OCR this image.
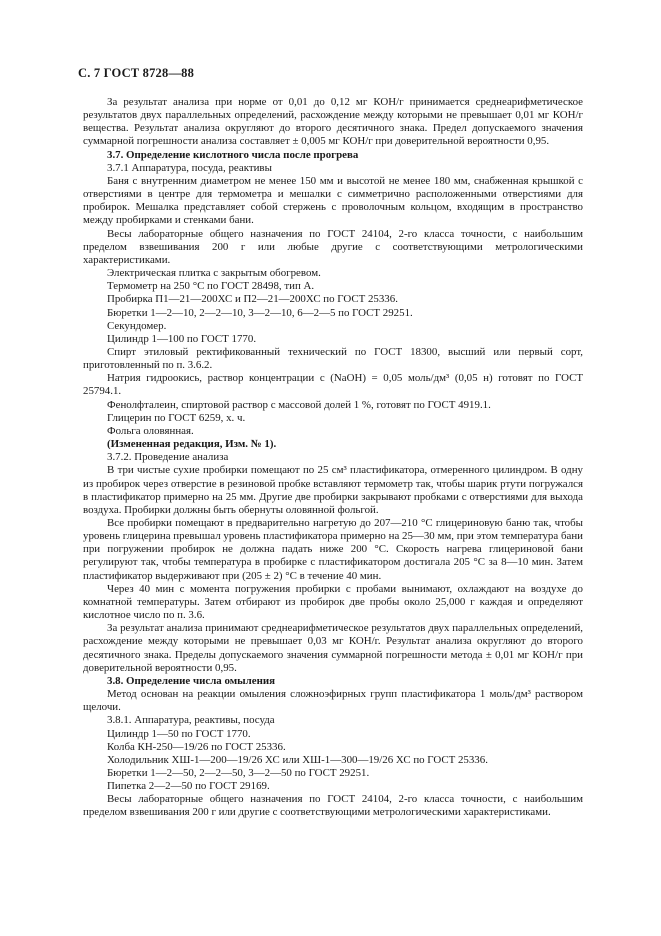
С. 7 ГОСТ 8728—88

За результат анализа при норме от 0,01 до 0,12 мг КОН/г принимается среднеарифметическое результатов двух параллельных определений, расхождение между которыми не превышает 0,01 мг КОН/г вещества. Результат анализа округляют до второго десятичного знака. Предел допускаемого значения суммарной погрешности анализа составляет ± 0,005 мг КОН/г при доверительной вероятности 0,95.

3.7. Определение кислотного числа после прогрева

3.7.1 Аппаратура, посуда, реактивы

Баня с внутренним диаметром не менее 150 мм и высотой не менее 180 мм, снабженная крышкой с отверстиями в центре для термометра и мешалки с симметрично расположенными отверстиями для пробирок. Мешалка представляет собой стержень с проволочным кольцом, входящим в пространство между пробирками и стенками бани.

Весы лабораторные общего назначения по ГОСТ 24104, 2-го класса точности, с наибольшим пределом взвешивания 200 г или любые другие с соответствующими метрологическими характеристиками.

Электрическая плитка с закрытым обогревом.

Термометр на 250 °С по ГОСТ 28498, тип А.

Пробирка П1—21—200ХС и П2—21—200ХС по ГОСТ 25336.

Бюретки 1—2—10, 2—2—10, 3—2—10, 6—2—5 по ГОСТ 29251.

Секундомер.

Цилиндр 1—100 по ГОСТ 1770.

Спирт этиловый ректификованный технический по ГОСТ 18300, высший или первый сорт, приготовленный по п. 3.6.2.

Натрия гидроокись, раствор концентрации с (NaOH) = 0,05 моль/дм³ (0,05 н) готовят по ГОСТ 25794.1.

Фенолфталеин, спиртовой раствор с массовой долей 1 %, готовят по ГОСТ 4919.1.

Глицерин по ГОСТ 6259, х. ч.

Фольга оловянная.

(Измененная редакция, Изм. № 1).

3.7.2. Проведение анализа

В три чистые сухие пробирки помещают по 25 см³ пластификатора, отмеренного цилиндром. В одну из пробирок через отверстие в резиновой пробке вставляют термометр так, чтобы шарик ртути погружался в пластификатор примерно на 25 мм. Другие две пробирки закрывают пробками с отверстиями для выхода воздуха. Пробирки должны быть обернуты оловянной фольгой.

Все пробирки помещают в предварительно нагретую до 207—210 °С глицериновую баню так, чтобы уровень глицерина превышал уровень пластификатора примерно на 25—30 мм, при этом температура бани при погружении пробирок не должна падать ниже 200 °С. Скорость нагрева глицериновой бани регулируют так, чтобы температура в пробирке с пластификатором достигала 205 °С за 8—10 мин. Затем пластификатор выдерживают при (205 ± 2) °С в течение 40 мин.

Через 40 мин с момента погружения пробирки с пробами вынимают, охлаждают на воздухе до комнатной температуры. Затем отбирают из пробирок две пробы около 25,000 г каждая и определяют кислотное число по п. 3.6.

За результат анализа принимают среднеарифметическое результатов двух параллельных определений, расхождение между которыми не превышает 0,03 мг КОН/г. Результат анализа округляют до второго десятичного знака. Пределы допускаемого значения суммарной погрешности метода ± 0,01 мг КОН/г при доверительной вероятности 0,95.

3.8. Определение числа омыления

Метод основан на реакции омыления сложноэфирных групп пластификатора 1 моль/дм³ раствором щелочи.

3.8.1. Аппаратура, реактивы, посуда

Цилиндр 1—50 по ГОСТ 1770.

Колба КН-250—19/26 по ГОСТ 25336.

Холодильник ХШ-1—200—19/26 ХС или ХШ-1—300—19/26 ХС по ГОСТ 25336.

Бюретки 1—2—50, 2—2—50, 3—2—50 по ГОСТ 29251.

Пипетка 2—2—50 по ГОСТ 29169.

Весы лабораторные общего назначения по ГОСТ 24104, 2-го класса точности, с наибольшим пределом взвешивания 200 г или другие с соответствующими метрологическими характеристиками.
